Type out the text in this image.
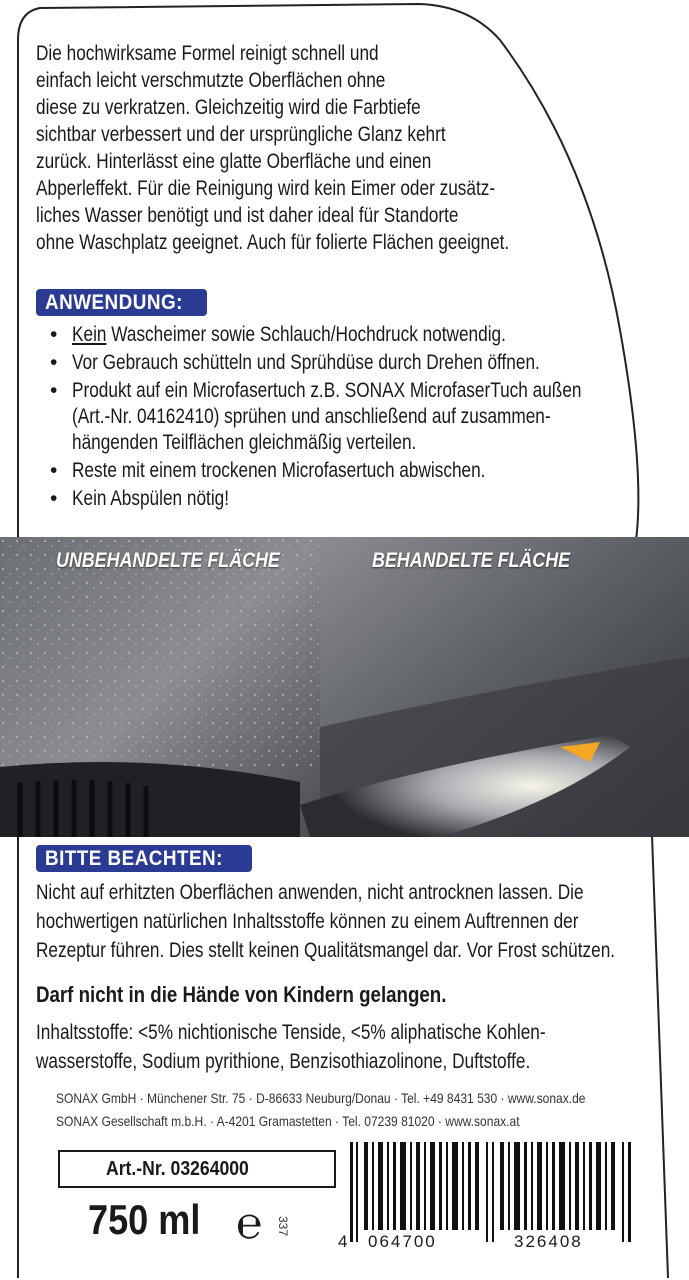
Die hochwirksame Formel reinigt schnell und
einfach leicht verschmutzte Oberflächen ohne
diese zu verkratzen. Gleichzeitig wird die Farbtiefe
sichtbar verbessert und der ursprüngliche Glanz kehrt
zurück. Hinterlässt eine glatte Oberfläche und einen
Abperleffekt. Für die Reinigung wird kein Eimer oder zusätz-
liches Wasser benötigt und ist daher ideal für Standorte
ohne Waschplatz geeignet. Auch für folierte Flächen geeignet.
ANWENDUNG:
• Kein Wascheimer sowie Schlauch/Hochdruck notwendig.
• Vor Gebrauch schütteln und Sprühdüse durch Drehen öffnen.
• Produkt auf ein Microfasertuch z.B. SONAX MicrofaserTuch außen
(Art.-Nr. 04162410) sprühen und anschließend auf zusammen-
hängenden Teilflächen gleichmäßig verteilen.
• Reste mit einem trockenen Microfasertuch abwischen.
• Kein Abspülen nötig!
UNBEHANDELTE FLÄCHE	BEHANDELTE FLÄCHE
BITTE BEACHTEN:
Nicht auf erhitzten Oberflächen anwenden, nicht antrocknen lassen. Die
hochwertigen natürlichen Inhaltsstoffe können zu einem Auftrennen der
Rezeptur führen. Dies stellt keinen Qualitätsmangel dar. Vor Frost schützen.
Darf nicht in die Hände von Kindern gelangen.
Inhaltsstoffe: <5% nichtionische Tenside, <5% aliphatische Kohlen-
wasserstoffe, Sodium pyrithione, Benzisothiazolinone, Duftstoffe.
SONAX GmbH · Münchener Str. 75 · D-86633 Neuburg/Donau · Tel. +49 8431 530 · www.sonax.de
SONAX Gesellschaft m.b.H. · A-4201 Gramastetten · Tel. 07239 81020 · www.sonax.at
Art.-Nr. 03264000
750 ml ℮ 337
4 064700	326408
